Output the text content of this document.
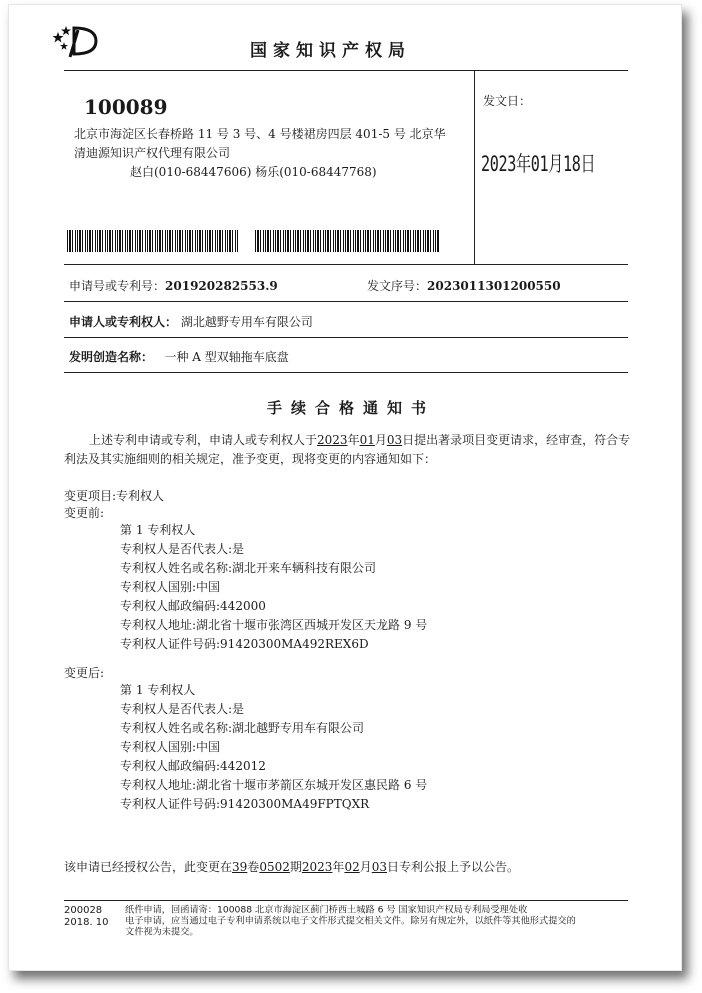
国家知识产权局
100089
北京市海淀区长春桥路 11 号 3 号、4 号楼裙房四层 401-5 号 北京华
清迪源知识产权代理有限公司
赵白(010-68447606) 杨乐(010-68447768)
发文日：
2023年01月18日
申请号或专利号：201920282553.9	发文序号：2023011301200550
申请人或专利权人： 湖北越野专用车有限公司
发明创造名称： 一种 A 型双轴拖车底盘
手续合格通知书
上述专利申请或专利，申请人或专利权人于2023年01月03日提出著录项目变更请求，经审查，符合专
利法及其实施细则的相关规定，准予变更，现将变更的内容通知如下：
变更项目:专利权人
变更前:
第 1 专利权人
专利权人是否代表人:是
专利权人姓名或名称:湖北开来车辆科技有限公司
专利权人国别:中国
专利权人邮政编码:442000
专利权人地址:湖北省十堰市张湾区西城开发区天龙路 9 号
专利权人证件号码:91420300MA492REX6D
变更后:
第 1 专利权人
专利权人是否代表人:是
专利权人姓名或名称:湖北越野专用车有限公司
专利权人国别:中国
专利权人邮政编码:442012
专利权人地址:湖北省十堰市茅箭区东城开发区惠民路 6 号
专利权人证件号码:91420300MA49FPTQXR
该申请已经授权公告，此变更在39卷0502期2023年02月03日专利公报上予以公告。
200028
2018. 10
纸件申请，回函请寄：100088 北京市海淀区蓟门桥西土城路 6 号 国家知识产权局专利局受理处收
电子申请，应当通过电子专利申请系统以电子文件形式提交相关文件。除另有规定外，以纸件等其他形式提交的
文件视为未提交。
